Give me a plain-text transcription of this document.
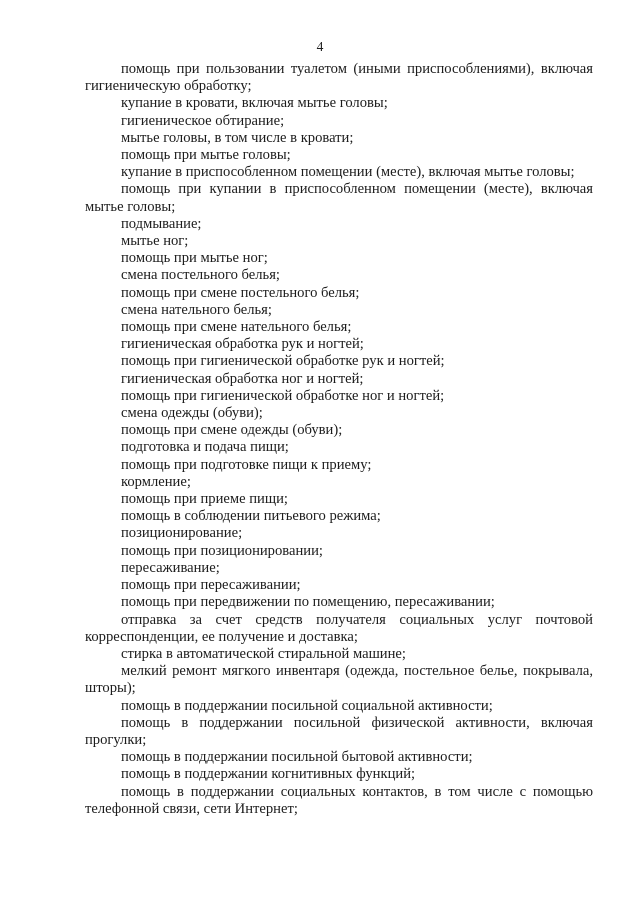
4

помощь при пользовании туалетом (иными приспособлениями), включая гигиеническую обработку;

купание в кровати, включая мытье головы;

гигиеническое обтирание;

мытье головы, в том числе в кровати;

помощь при мытье головы;

купание в приспособленном помещении (месте), включая мытье головы;

помощь при купании в приспособленном помещении (месте), включая мытье головы;

подмывание;

мытье ног;

помощь при мытье ног;

смена постельного белья;

помощь при смене постельного белья;

смена нательного белья;

помощь при смене нательного белья;

гигиеническая обработка рук и ногтей;

помощь при гигиенической обработке рук и ногтей;

гигиеническая обработка ног и ногтей;

помощь при гигиенической обработке ног и ногтей;

смена одежды (обуви);

помощь при смене одежды (обуви);

подготовка и подача пищи;

помощь при подготовке пищи к приему;

кормление;

помощь при приеме пищи;

помощь в соблюдении питьевого режима;

позиционирование;

помощь при позиционировании;

пересаживание;

помощь при пересаживании;

помощь при передвижении по помещению, пересаживании;

отправка за счет средств получателя социальных услуг почтовой корреспонденции, ее получение и доставка;

стирка в автоматической стиральной машине;

мелкий ремонт мягкого инвентаря (одежда, постельное белье, покрывала, шторы);

помощь в поддержании посильной социальной активности;

помощь в поддержании посильной физической активности, включая прогулки;

помощь в поддержании посильной бытовой активности;

помощь в поддержании когнитивных функций;

помощь в поддержании социальных контактов, в том числе с помощью телефонной связи, сети Интернет;
